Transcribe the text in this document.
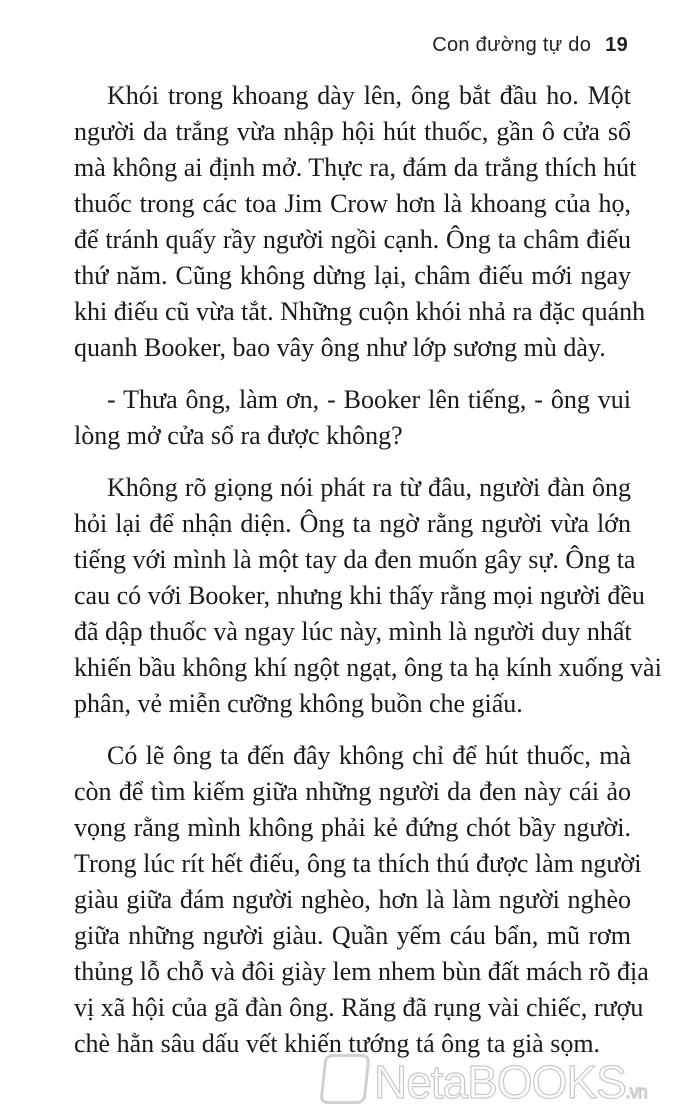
Con đường tự do 19
Khói trong khoang dày lên, ông bắt đầu ho. Một
người da trắng vừa nhập hội hút thuốc, gần ô cửa sổ
mà không ai định mở. Thực ra, đám da trắng thích hút
thuốc trong các toa Jim Crow hơn là khoang của họ,
để tránh quấy rầy người ngồi cạnh. Ông ta châm điếu
thứ năm. Cũng không dừng lại, châm điếu mới ngay
khi điếu cũ vừa tắt. Những cuộn khói nhả ra đặc quánh
quanh Booker, bao vây ông như lớp sương mù dày.
- Thưa ông, làm ơn, - Booker lên tiếng, - ông vui
lòng mở cửa sổ ra được không?
Không rõ giọng nói phát ra từ đâu, người đàn ông
hỏi lại để nhận diện. Ông ta ngờ rằng người vừa lớn
tiếng với mình là một tay da đen muốn gây sự. Ông ta
cau có với Booker, nhưng khi thấy rằng mọi người đều
đã dập thuốc và ngay lúc này, mình là người duy nhất
khiến bầu không khí ngột ngạt, ông ta hạ kính xuống vài
phân, vẻ miễn cưỡng không buồn che giấu.
Có lẽ ông ta đến đây không chỉ để hút thuốc, mà
còn để tìm kiếm giữa những người da đen này cái ảo
vọng rằng mình không phải kẻ đứng chót bầy người.
Trong lúc rít hết điếu, ông ta thích thú được làm người
giàu giữa đám người nghèo, hơn là làm người nghèo
giữa những người giàu. Quần yếm cáu bẩn, mũ rơm
thủng lỗ chỗ và đôi giày lem nhem bùn đất mách rõ địa
vị xã hội của gã đàn ông. Răng đã rụng vài chiếc, rượu
chè hằn sâu dấu vết khiến tướng tá ông ta già sọm.
NetaBOOKS.vn
